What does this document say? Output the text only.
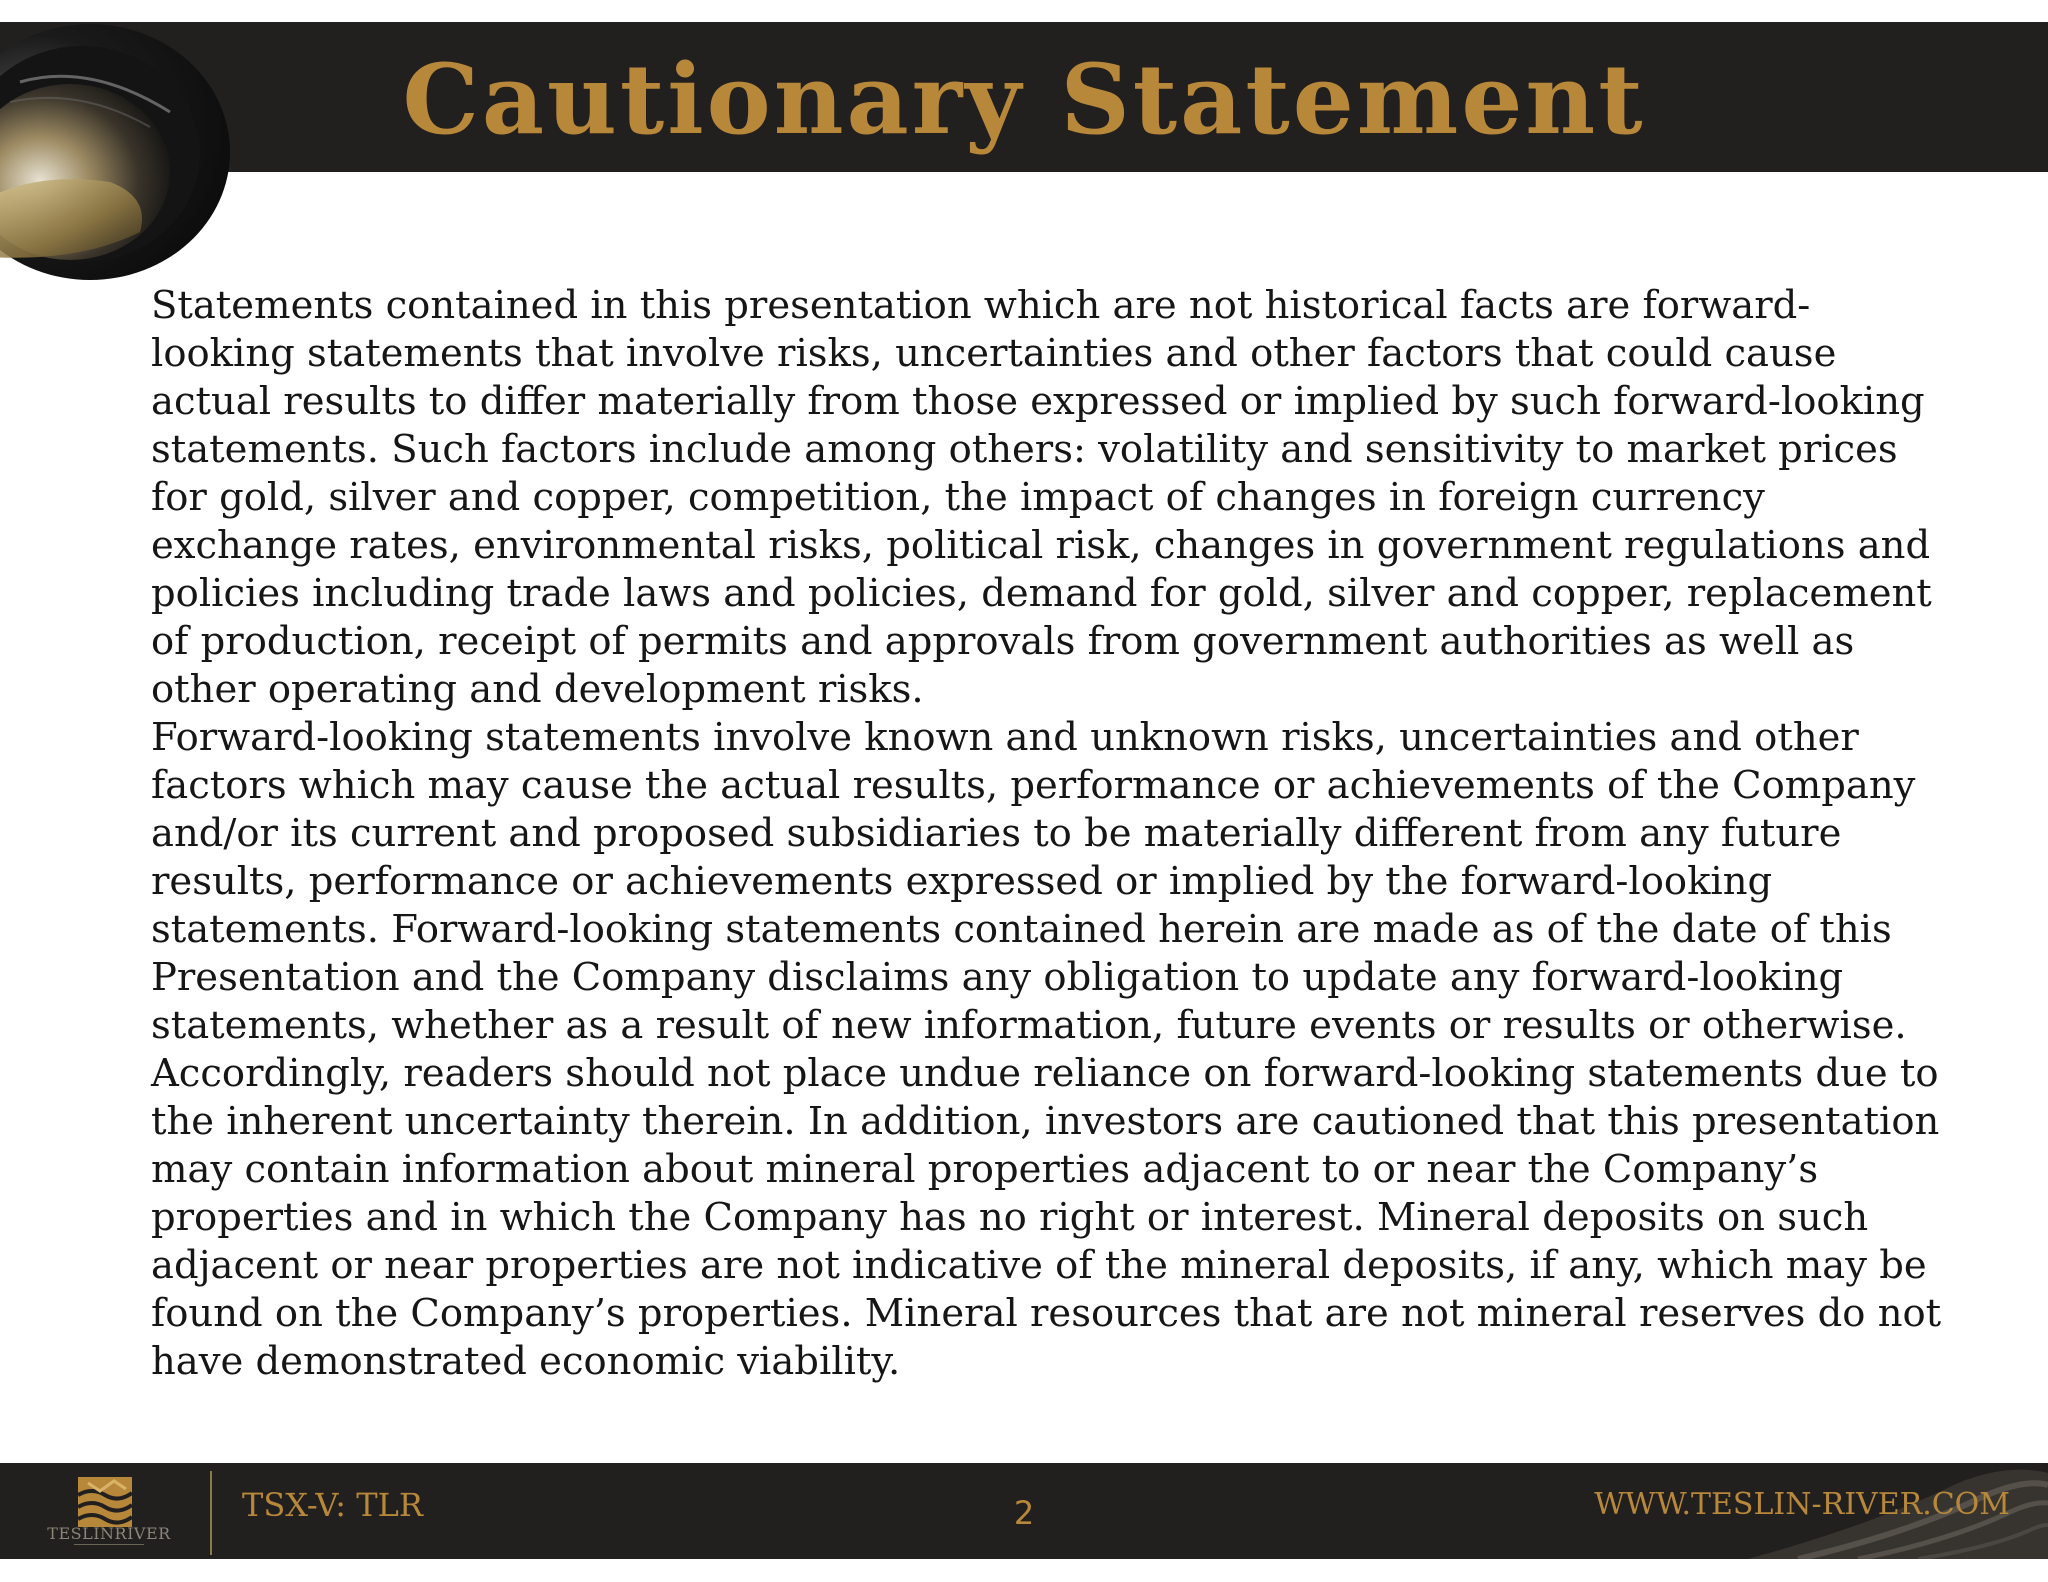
Cautionary Statement

Statements contained in this presentation which are not historical facts are forward-looking statements that involve risks, uncertainties and other factors that could cause actual results to differ materially from those expressed or implied by such forward-looking statements. Such factors include among others: volatility and sensitivity to market prices for gold, silver and copper, competition, the impact of changes in foreign currency exchange rates, environmental risks, political risk, changes in government regulations and policies including trade laws and policies, demand for gold, silver and copper, replacement of production, receipt of permits and approvals from government authorities as well as other operating and development risks.

Forward-looking statements involve known and unknown risks, uncertainties and other factors which may cause the actual results, performance or achievements of the Company and/or its current and proposed subsidiaries to be materially different from any future results, performance or achievements expressed or implied by the forward-looking statements. Forward-looking statements contained herein are made as of the date of this Presentation and the Company disclaims any obligation to update any forward-looking statements, whether as a result of new information, future events or results or otherwise. Accordingly, readers should not place undue reliance on forward-looking statements due to the inherent uncertainty therein. In addition, investors are cautioned that this presentation may contain information about mineral properties adjacent to or near the Company’s properties and in which the Company has no right or interest. Mineral deposits on such adjacent or near properties are not indicative of the mineral deposits, if any, which may be found on the Company’s properties. Mineral resources that are not mineral reserves do not have demonstrated economic viability.

TESLINRIVER
TSX-V: TLR	2	WWW.TESLIN-RIVER.COM
